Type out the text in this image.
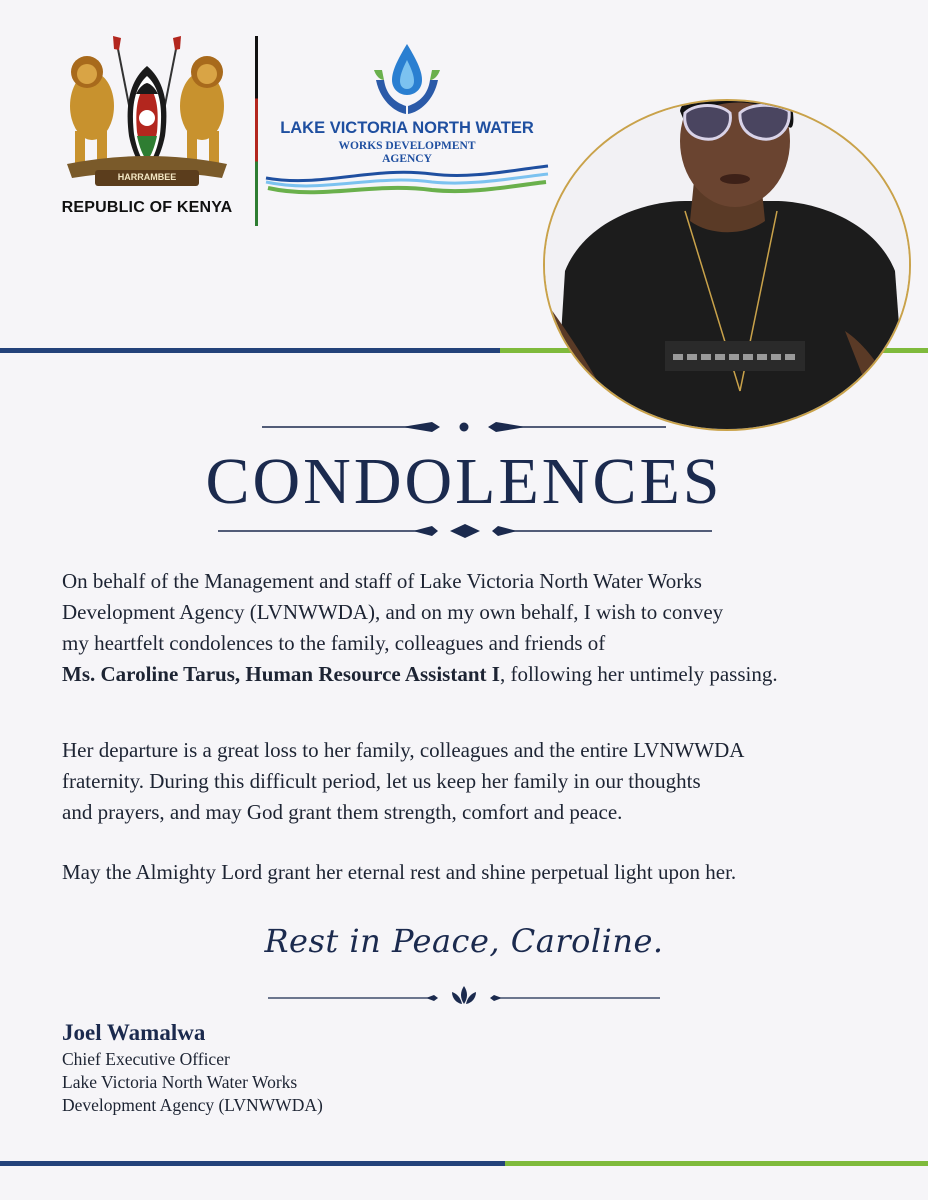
REPUBLIC OF KENYA
HARRAMBEE
LAKE VICTORIA NORTH WATER
WORKS DEVELOPMENT
AGENCY
CONDOLENCES
On behalf of the Management and staff of Lake Victoria North Water Works
Development Agency (LVNWWDA), and on my own behalf, I wish to convey
my heartfelt condolences to the family, colleagues and friends of
Ms. Caroline Tarus, Human Resource Assistant I, following her untimely passing.
Her departure is a great loss to her family, colleagues and the entire LVNWWDA
fraternity. During this difficult period, let us keep her family in our thoughts
and prayers, and may God grant them strength, comfort and peace.
May the Almighty Lord grant her eternal rest and shine perpetual light upon her.
Rest in Peace, Caroline.
Joel Wamalwa
Chief Executive Officer
Lake Victoria North Water Works
Development Agency (LVNWWDA)
